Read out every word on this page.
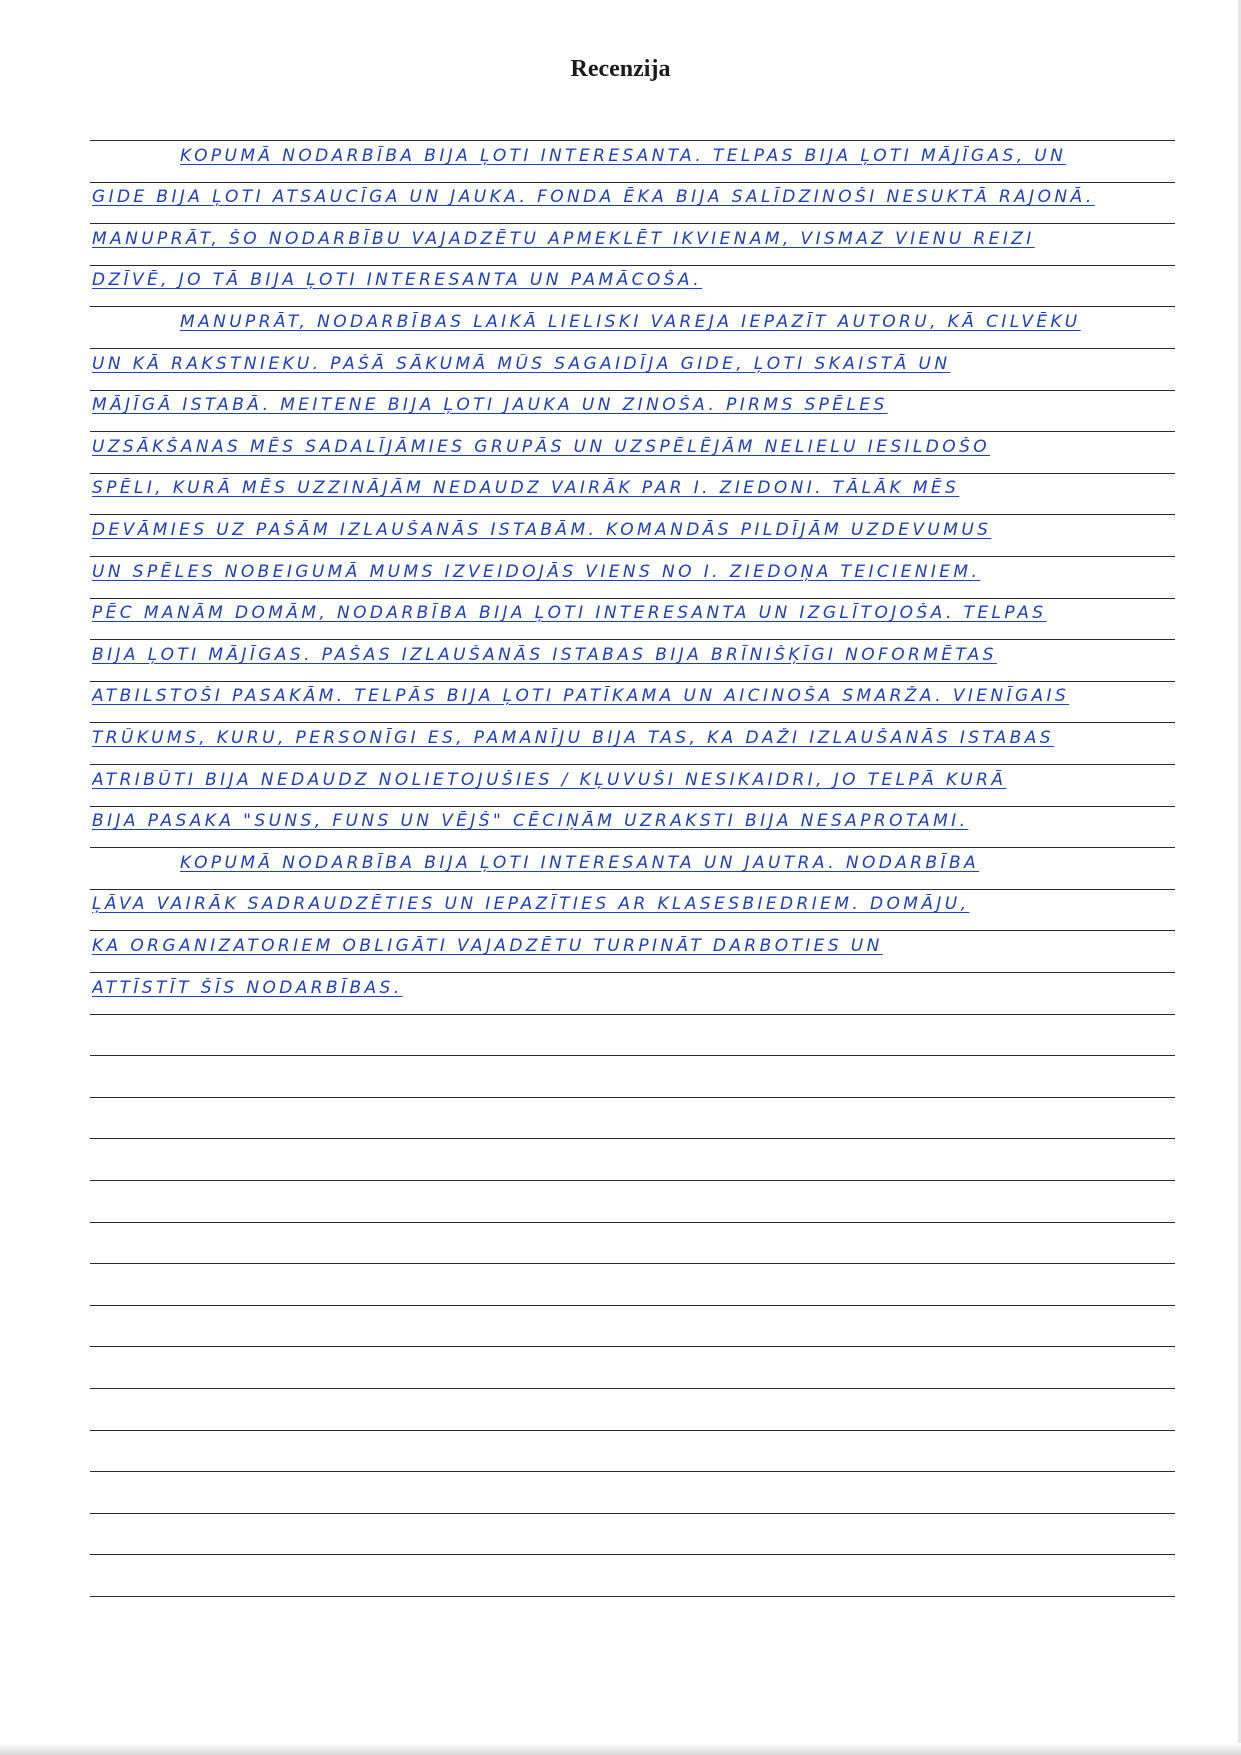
Recenzija
KOPUMĀ NODARBĪBA BIJA ĻOTI INTERESANTA. TELPAS BIJA ĻOTI MĀJĪGAS, UN
GIDE BIJA ĻOTI ATSAUCĪGA UN JAUKA. FONDA ĒKA BIJA SALĪDZINOŠI NESUKTĀ RAJONĀ.
MANUPRĀT, ŠO NODARBĪBU VAJADZĒTU APMEKLĒT IKVIENAM, VISMAZ VIENU REIZI
DZĪVĒ, JO TĀ BIJA ĻOTI INTERESANTA UN PAMĀCOŠA.
MANUPRĀT, NODARBĪBAS LAIKĀ LIELISKI VAREJA IEPAZĪT AUTORU, KĀ CILVĒKU
UN KĀ RAKSTNIEKU. PAŠĀ SĀKUMĀ MŪS SAGAIDĪJA GIDE, ĻOTI SKAISTĀ UN
MĀJĪGĀ ISTABĀ. MEITENE BIJA ĻOTI JAUKA UN ZINOŠA. PIRMS SPĒLES
UZSĀKŠANAS MĒS SADALĪJĀMIES GRUPĀS UN UZSPĒLĒJĀM NELIELU IESILDOŠO
SPĒLI, KURĀ MĒS UZZINĀJĀM NEDAUDZ VAIRĀK PAR I. ZIEDONI. TĀLĀK MĒS
DEVĀMIES UZ PAŠĀM IZLAUŠANĀS ISTABĀM. KOMANDĀS PILDĪJĀM UZDEVUMUS
UN SPĒLES NOBEIGUMĀ MUMS IZVEIDOJĀS VIENS NO I. ZIEDOŅA TEICIENIEM.
PĒC MANĀM DOMĀM, NODARBĪBA BIJA ĻOTI INTERESANTA UN IZGLĪTOJOŠA. TELPAS
BIJA ĻOTI MĀJĪGAS. PAŠAS IZLAUŠANĀS ISTABAS BIJA BRĪNIŠĶĪGI NOFORMĒTAS
ATBILSTOŠI PASAKĀM. TELPĀS BIJA ĻOTI PATĪKAMA UN AICINOŠA SMARŽA. VIENĪGAIS
TRŪKUMS, KURU, PERSONĪGI ES, PAMANĪJU BIJA TAS, KA DAŽI IZLAUŠANĀS ISTABAS
ATRIBŪTI BIJA NEDAUDZ NOLIETOJUŠIES / KĻUVUŠI NESIKAIDRI, JO TELPĀ KURĀ
BIJA PASAKA "SUNS, FUNS UN VĒJŠ" CĒCIŅĀM UZRAKSTI BIJA NESAPROTAMI.
KOPUMĀ NODARBĪBA BIJA ĻOTI INTERESANTA UN JAUTRA. NODARBĪBA
ĻĀVA VAIRĀK SADRAUDZĒTIES UN IEPAZĪTIES AR KLASESBIEDRIEM. DOMĀJU,
KA ORGANIZATORIEM OBLIGĀTI VAJADZĒTU TURPINĀT DARBOTIES UN
ATTĪSTĪT ŠĪS NODARBĪBAS.
